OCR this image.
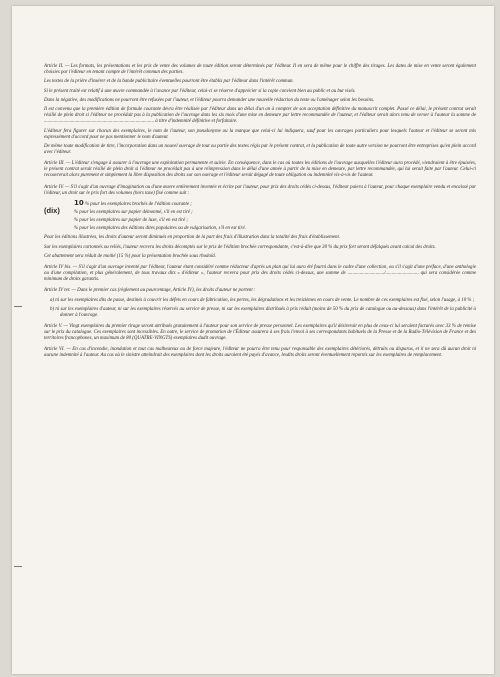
Article II. — Les formats, les présentations et les prix de vente des volumes de toute édition seront déterminés par l'éditeur. Il en sera de même pour le chiffre des tirages. Les dates de mise en vente seront également choisies par l'éditeur en tenant compte de l'intérêt commun des parties.

Les textes de la prière d'insérer et de la bande publicitaire éventuelles pourront être établis par l'éditeur dans l'intérêt commun.

Si le présent traité est relatif à une œuvre commandée à l'avance par l'éditeur, celui-ci se réserve d'apprécier si la copie convient bien au public et au but visés.

Dans la négative, des modifications ne pourront être refusées par l'auteur, et l'éditeur pourra demander une nouvelle rédaction du texte ou l'aménager selon les besoins.

Il est convenu que la première édition de formule courante devra être réalisée par l'éditeur dans un délai d'un an à compter de son acceptation définitive du manuscrit complet. Passé ce délai, le présent contrat serait résilié de plein droit si l'éditeur ne procédait pas à la publication de l'ouvrage dans les six mois d'une mise en demeure par lettre recommandée de l'auteur, et l'éditeur serait alors tenu de verser à l'auteur la somme de .......................................................................................... à titre d'indemnité définitive et forfaitaire.

L'éditeur fera figurer sur chacun des exemplaires, le nom de l'auteur, son pseudonyme ou la marque que celui-ci lui indiquera, sauf pour les ouvrages particuliers pour lesquels l'auteur et l'éditeur se seront mis expressément d'accord pour ne pas mentionner le nom d'auteur.

De même toute modification de titre, l'incorporation dans un nouvel ouvrage de tout ou partie des textes régis par le présent contrat, et la publication de toute autre version ne pourront être entreprises qu'en plein accord avec l'éditeur.

Article III. — L'éditeur s'engage à assurer à l'ouvrage une exploitation permanente et suivie. En conséquence, dans le cas où toutes les éditions de l'ouvrage auxquelles l'éditeur aura procédé, viendraient à être épuisées, le présent contrat serait résilié de plein droit si l'éditeur ne procédait pas à une réimpression dans le délai d'une année à partir de la mise en demeure, par lettre recommandée, qui lui serait faite par l'auteur. Celui-ci recouvrerait alors purement et simplement la libre disposition des droits sur son ouvrage et l'éditeur serait dégagé de toute obligation ou indemnité vis-à-vis de l'auteur.

Article IV. — S'il s'agit d'un ouvrage d'imagination ou d'une œuvre entièrement inventée et écrite par l'auteur, pour prix des droits cédés ci-dessus, l'éditeur paiera à l'auteur, pour chaque exemplaire vendu et encaissé par l'éditeur, un droit sur le prix fort des volumes (hors taxe) fixé comme suit :

10 % pour les exemplaires brochés de l'édition courante ;
(dix)	% pour les exemplaires sur papier démonmé, s'il en est tiré ;

% pour les exemplaires sur papier de luxe, s'il en est tiré ;

% pour les exemplaires des éditions dites populaires ou de vulgarisation, s'il en est tiré.

Pour les éditions illustrées, les droits d'auteur seront diminués en proportion de la part des frais d'illustration dans la totalité des frais d'établissement.

Sur les exemplaires cartonnés ou reliés, l'auteur recevra les droits décomptés sur le prix de l'édition brochée correspondante, c'est-à-dire que 30 % du prix fort seront défalqués avant calcul des droits.

Cet abattement sera réduit de moitié (15 %) pour la présentation brochée sous rhodoïd.

Article IV bis. — S'il s'agit d'un ouvrage inventé par l'éditeur, l'auteur étant considéré comme rédacteur d'après un plan qui lui aura été fourni dans le cadre d'une collection, ou s'il s'agit d'une préface, d'une anthologie ou d'une compilation, et plus généralement, de tous travaux dits « d'éditeur », l'auteur recevra pour prix des droits cédés ci-dessus, une somme de ............................../........................... qui sera considérée comme minimum de droits garantis.

Article IV ter. — Dans le premier cas (règlement au pourcentage, Article IV), les droits d'auteur ne portent :

a) ni sur les exemplaires dits de passe, destinés à couvrir les défets en cours de fabrication, les pertes, les dégradations et les treizièmes en cours de vente. Le nombre de ces exemplaires est fixé, selon l'usage, à 10 % ;

b) ni sur les exemplaires d'auteur, ni sur les exemplaires réservés au service de presse, ni sur les exemplaires distribués à prix réduit (moins de 50 % du prix de catalogue ou au-dessous) dans l'intérêt de la publicité à donner à l'ouvrage.

Article V. — Vingt exemplaires du premier tirage seront attribués gratuitement à l'auteur pour son service de presse personnel. Les exemplaires qu'il désirerait en plus de ceux-ci lui seraient facturés avec 33 % de remise sur le prix du catalogue. Ces exemplaires sont incessibles. En outre, le service de promotion de l'Éditeur assurera à ses frais l'envoi à ses correspondants habituels de la Presse et de la Radio-Télévision de France et des territoires francophones, un maximum de 80 (QUATRE-VINGTS) exemplaires dudit ouvrage.

Article VI. — En cas d'incendie, inondation et tout cas malheureux ou de force majeure, l'éditeur ne pourra être tenu pour responsable des exemplaires détériorés, détruits ou disparus, et il ne sera dû aucun droit ni aucune indemnité à l'auteur. Au cas où le sinistre atteindrait des exemplaires dont les droits auraient été payés d'avance, lesdits droits seront éventuellement reportés sur les exemplaires de remplacement.
